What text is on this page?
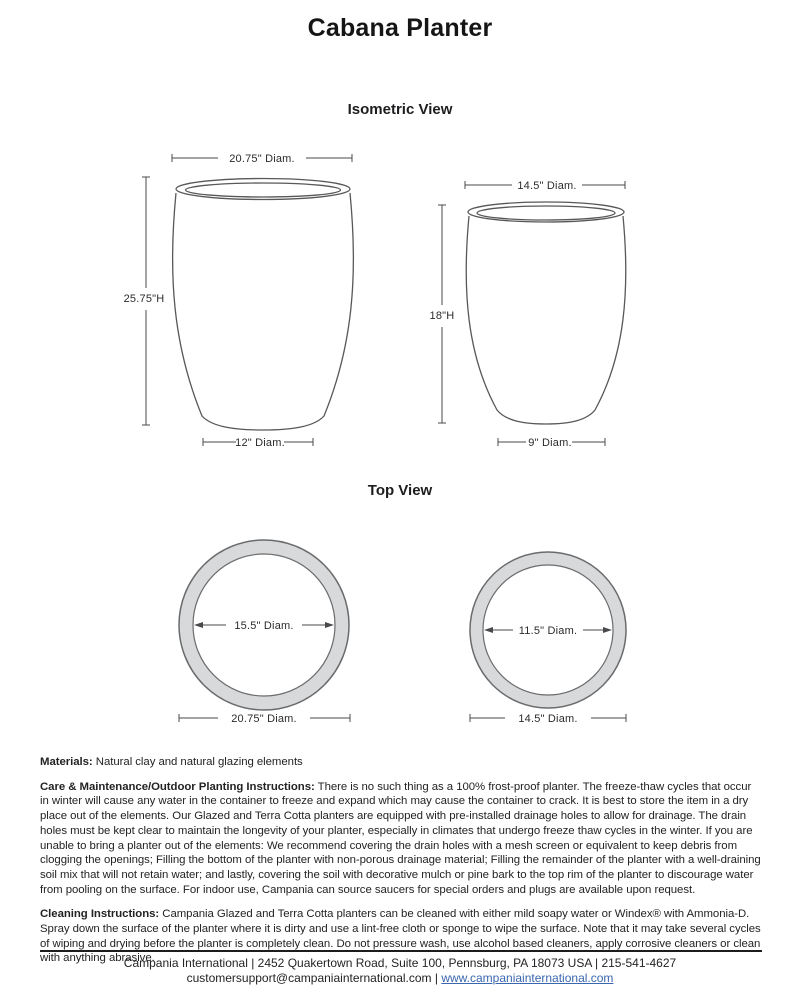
Cabana Planter
Isometric View
20.75" Diam.
25.75"H
12" Diam.
14.5" Diam.
18"H
9" Diam.
Top View
15.5" Diam.
20.75" Diam.
11.5" Diam.
14.5" Diam.

Materials: Natural clay and natural glazing elements

Care & Maintenance/Outdoor Planting Instructions: There is no such thing as a 100% frost-proof planter. The freeze-thaw cycles that occur in winter will cause any water in the container to freeze and expand which may cause the container to crack. It is best to store the item in a dry place out of the elements. Our Glazed and Terra Cotta planters are equipped with pre-installed drainage holes to allow for drainage. The drain holes must be kept clear to maintain the longevity of your planter, especially in climates that undergo freeze thaw cycles in the winter. If you are unable to bring a planter out of the elements: We recommend covering the drain holes with a mesh screen or equivalent to keep debris from clogging the openings; Filling the bottom of the planter with non-porous drainage material; Filling the remainder of the planter with a well-draining soil mix that will not retain water; and lastly, covering the soil with decorative mulch or pine bark to the top rim of the planter to discourage water from pooling on the surface. For indoor use, Campania can source saucers for special orders and plugs are available upon request.

Cleaning Instructions: Campania Glazed and Terra Cotta planters can be cleaned with either mild soapy water or Windex® with Ammonia-D. Spray down the surface of the planter where it is dirty and use a lint-free cloth or sponge to wipe the surface. Note that it may take several cycles of wiping and drying before the planter is completely clean. Do not pressure wash, use alcohol based cleaners, apply corrosive cleaners or clean with anything abrasive.

Campania International | 2452 Quakertown Road, Suite 100, Pennsburg, PA 18073 USA | 215-541-4627
customersupport@campaniainternational.com | www.campaniainternational.com
